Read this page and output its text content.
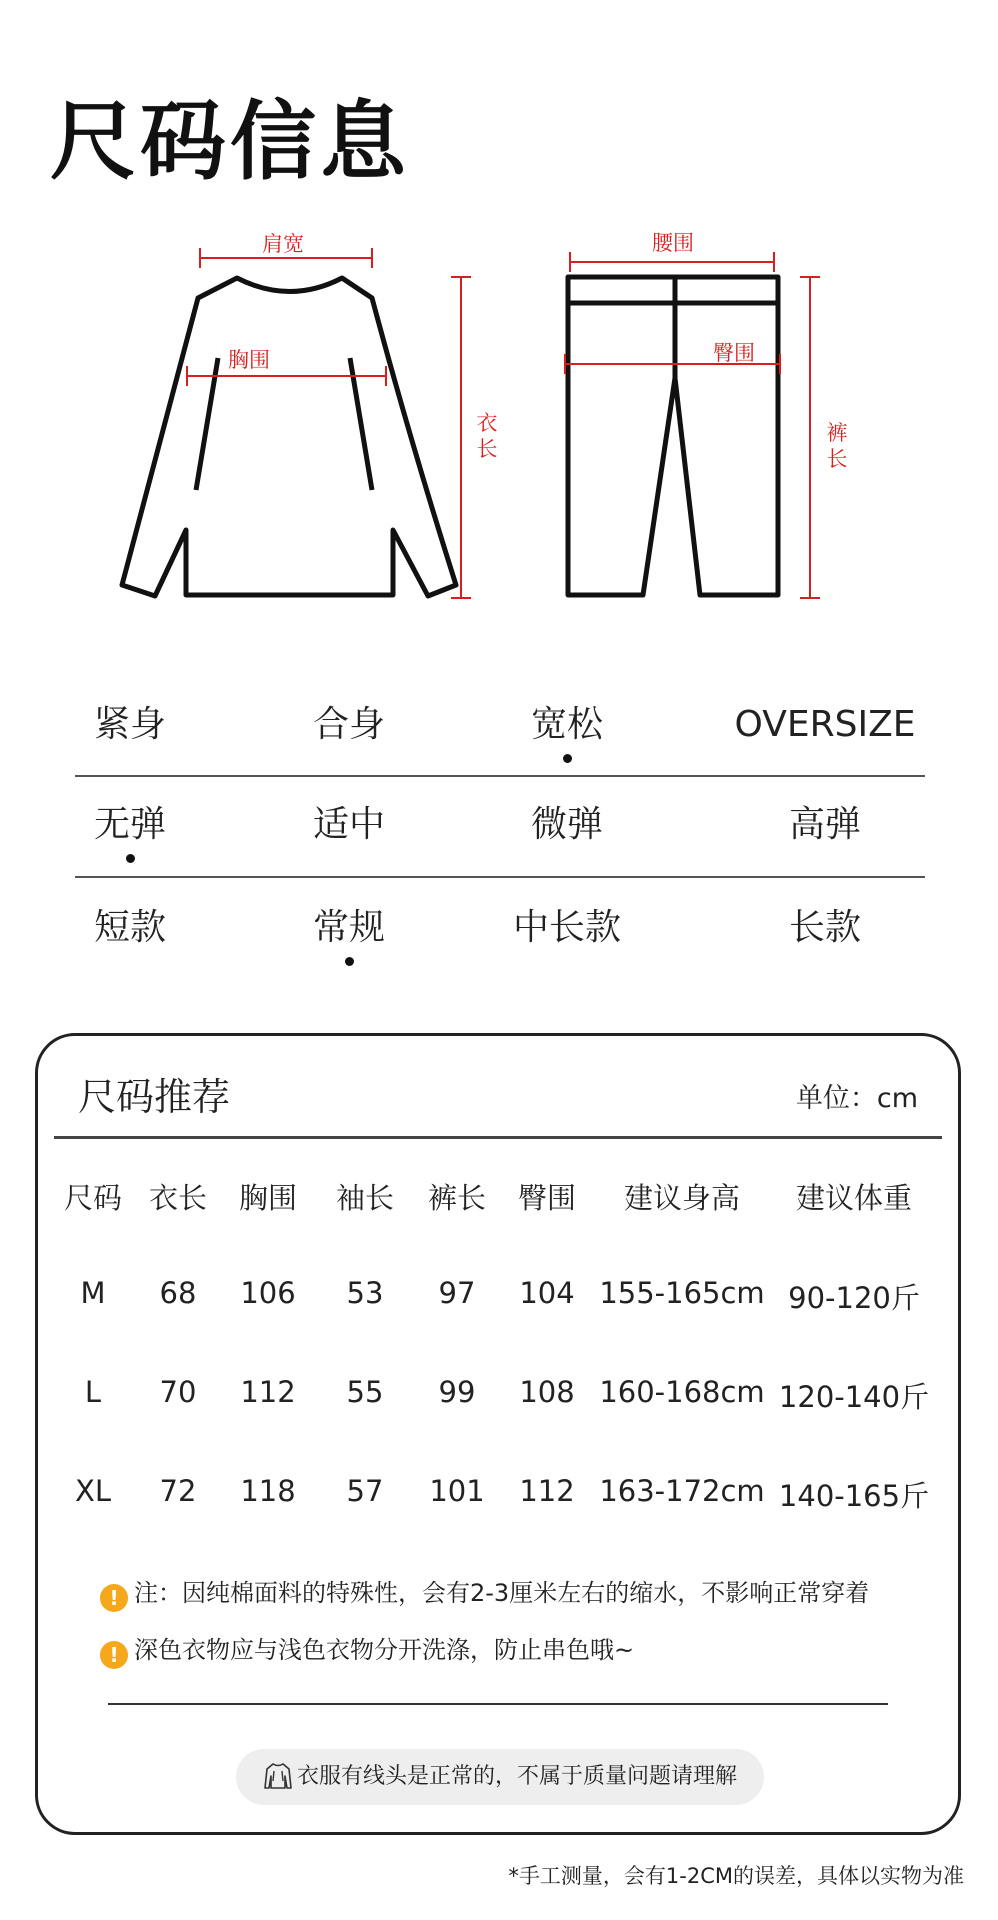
尺码信息
肩宽
胸围
衣长
腰围
臀围
裤长
紧身	合身	宽松	OVERSIZE
无弹	适中	微弹	高弹
短款	常规	中长款	长款
尺码推荐	单位：cm
尺码 衣长 胸围 袖长 裤长 臀围 建议身高 建议体重
M 68 106 53 97 104 155-165cm 90-120斤
L 70 112 55 99 108 160-168cm 120-140斤
XL 72 118 57 101 112 163-172cm 140-165斤
! 注：因纯棉面料的特殊性，会有2-3厘米左右的缩水，不影响正常穿着
! 深色衣物应与浅色衣物分开洗涤，防止串色哦~
衣服有线头是正常的，不属于质量问题请理解
*手工测量，会有1-2CM的误差，具体以实物为准
